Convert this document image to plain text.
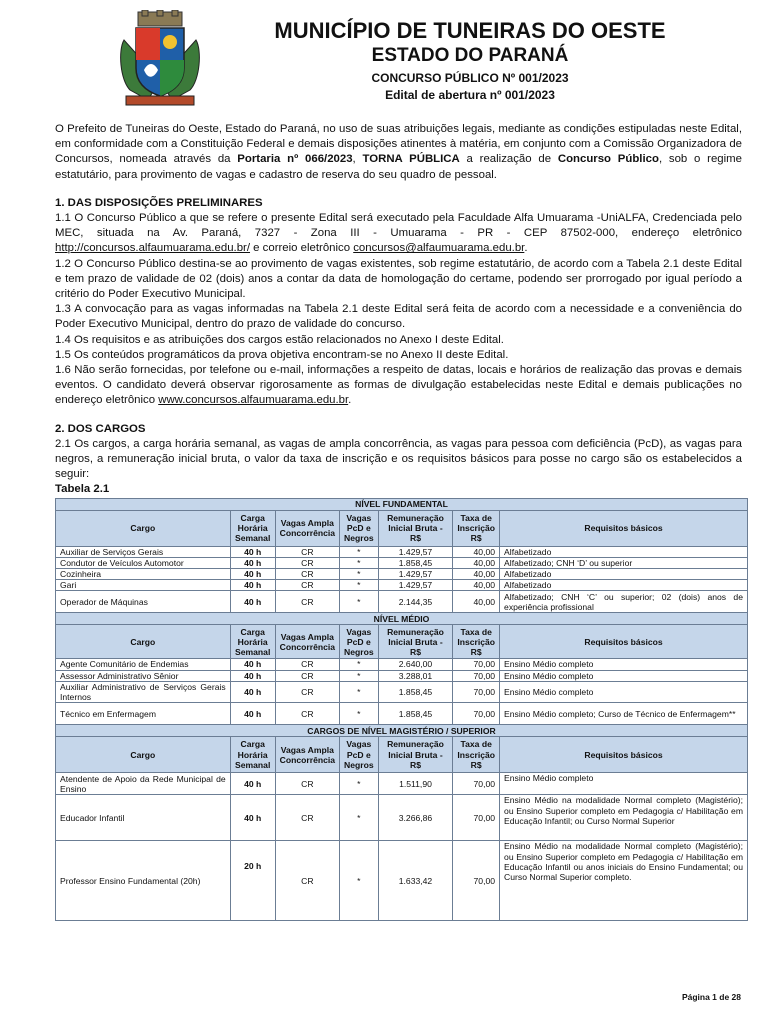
MUNICÍPIO DE TUNEIRAS DO OESTE
ESTADO DO PARANÁ
CONCURSO PÚBLICO Nº 001/2023
Edital de abertura nº 001/2023

O Prefeito de Tuneiras do Oeste, Estado do Paraná, no uso de suas atribuições legais, mediante as condições estipuladas neste Edital, em conformidade com a Constituição Federal e demais disposições atinentes à matéria, em conjunto com a Comissão Organizadora de Concursos, nomeada através da Portaria nº 066/2023, TORNA PÚBLICA a realização de Concurso Público, sob o regime estatutário, para provimento de vagas e cadastro de reserva do seu quadro de pessoal.

1. DAS DISPOSIÇÕES PRELIMINARES

1.1 O Concurso Público a que se refere o presente Edital será executado pela Faculdade Alfa Umuarama -UniALFA, Credenciada pelo MEC, situada na Av. Paraná, 7327 - Zona III - Umuarama - PR - CEP 87502-000, endereço eletrônico http://concursos.alfaumuarama.edu.br/ e correio eletrônico concursos@alfaumuarama.edu.br.

1.2 O Concurso Público destina-se ao provimento de vagas existentes, sob regime estatutário, de acordo com a Tabela 2.1 deste Edital e tem prazo de validade de 02 (dois) anos a contar da data de homologação do certame, podendo ser prorrogado por igual período a critério do Poder Executivo Municipal.

1.3 A convocação para as vagas informadas na Tabela 2.1 deste Edital será feita de acordo com a necessidade e a conveniência do Poder Executivo Municipal, dentro do prazo de validade do concurso.

1.4 Os requisitos e as atribuições dos cargos estão relacionados no Anexo I deste Edital.

1.5 Os conteúdos programáticos da prova objetiva encontram-se no Anexo II deste Edital.

1.6 Não serão fornecidas, por telefone ou e-mail, informações a respeito de datas, locais e horários de realização das provas e demais eventos. O candidato deverá observar rigorosamente as formas de divulgação estabelecidas neste Edital e demais publicações no endereço eletrônico www.concursos.alfaumuarama.edu.br.

2. DOS CARGOS

2.1 Os cargos, a carga horária semanal, as vagas de ampla concorrência, as vagas para pessoa com deficiência (PcD), as vagas para negros, a remuneração inicial bruta, o valor da taxa de inscrição e os requisitos básicos para posse no cargo são os estabelecidos a seguir:

Tabela 2.1

NÍVEL FUNDAMENTAL						
Cargo	Carga Horária Semanal	Vagas Ampla Concorrência	Vagas PcD e Negros	Remuneração Inicial Bruta - R$	Taxa de Inscrição R$	Requisitos básicos
Auxiliar de Serviços Gerais	40 h	CR	*	1.429,57	40,00	Alfabetizado
Condutor de Veículos Automotor	40 h	CR	*	1.858,45	40,00	Alfabetizado; CNH ‘D’ ou superior
Cozinheira	40 h	CR	*	1.429,57	40,00	Alfabetizado
Gari	40 h	CR	*	1.429,57	40,00	Alfabetizado
Operador de Máquinas	40 h	CR	*	2.144,35	40,00	Alfabetizado; CNH ‘C’ ou superior; 02 (dois) anos de experiência profissional
NÍVEL MÉDIO						
Cargo	Carga Horária Semanal	Vagas Ampla Concorrência	Vagas PcD e Negros	Remuneração Inicial Bruta - R$	Taxa de Inscrição R$	Requisitos básicos
Agente Comunitário de Endemias	40 h	CR	*	2.640,00	70,00	Ensino Médio completo
Assessor Administrativo Sênior	40 h	CR	*	3.288,01	70,00	Ensino Médio completo
Auxiliar Administrativo de Serviços Gerais Internos	40 h	CR	*	1.858,45	70,00	Ensino Médio completo
Técnico em Enfermagem	40 h	CR	*	1.858,45	70,00	Ensino Médio completo; Curso de Técnico de Enfermagem**
CARGOS DE NÍVEL MAGISTÉRIO / SUPERIOR						
Cargo	Carga Horária Semanal	Vagas Ampla Concorrência	Vagas PcD e Negros	Remuneração Inicial Bruta - R$	Taxa de Inscrição R$	Requisitos básicos
Atendente de Apoio da Rede Municipal de Ensino	40 h	CR	*	1.511,90	70,00	Ensino Médio completo
Educador Infantil	40 h	CR	*	3.266,86	70,00	Ensino Médio na modalidade Normal completo (Magistério); ou Ensino Superior completo em Pedagogia c/ Habilitação em Educação Infantil; ou Curso Normal Superior
Professor Ensino Fundamental (20h)	20 h	CR	*	1.633,42	70,00	Ensino Médio na modalidade Normal completo (Magistério); ou Ensino Superior completo em Pedagogia c/ Habilitação em Educação Infantil ou anos iniciais do Ensino Fundamental; ou Curso Normal Superior completo.
Página 1 de 28
